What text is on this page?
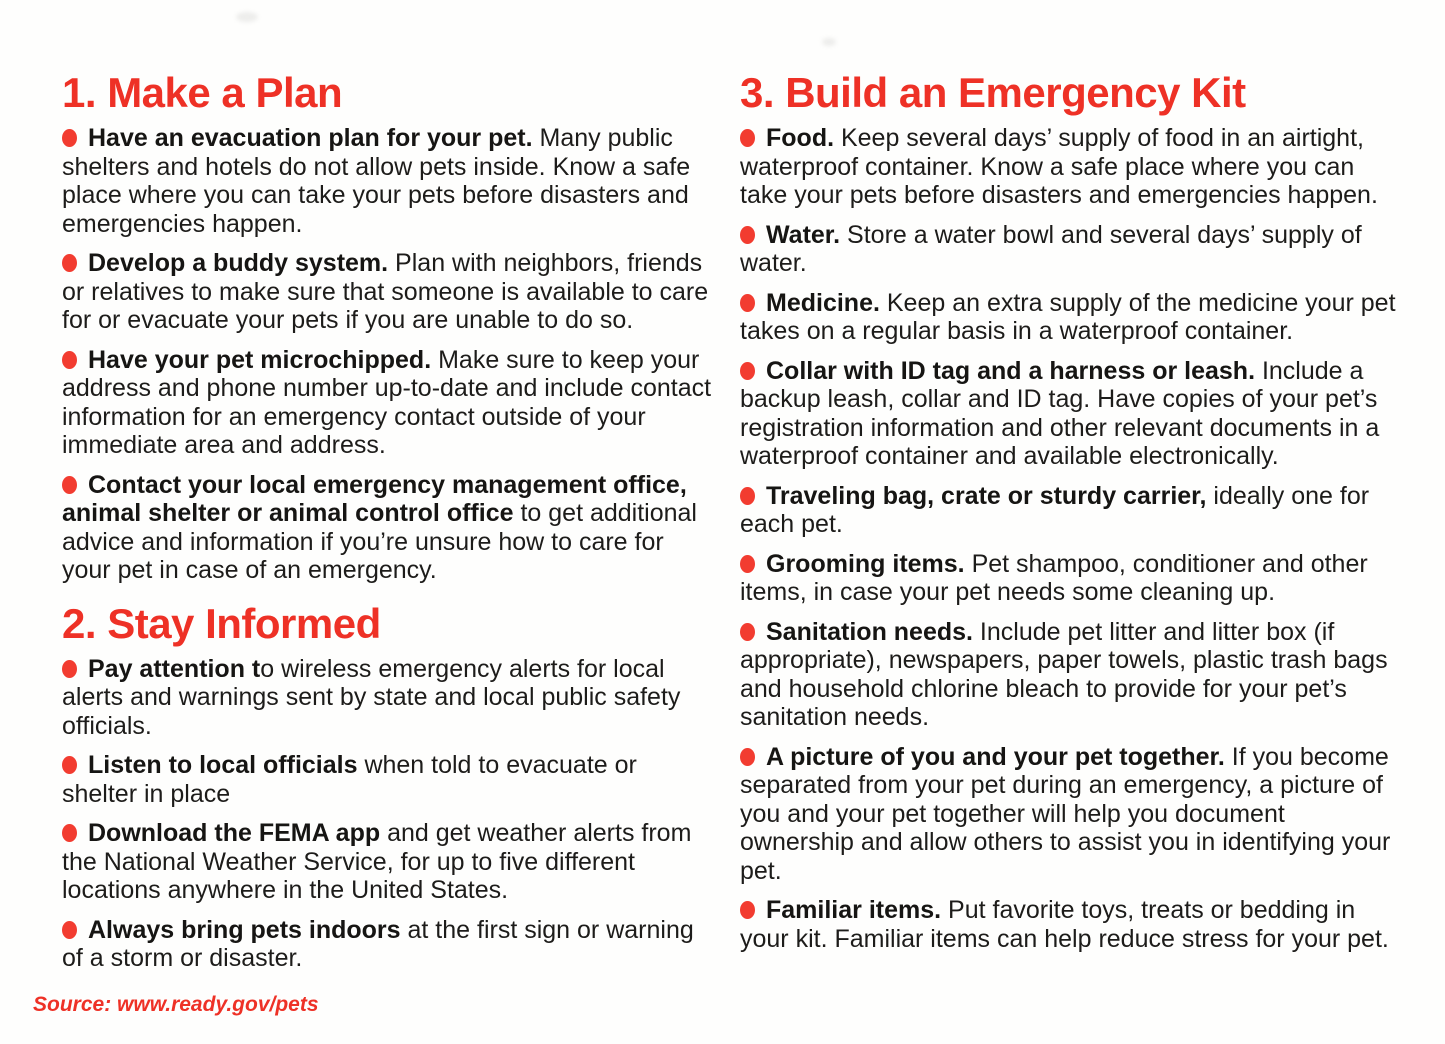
1. Make a Plan

Have an evacuation plan for your pet. Many public shelters and hotels do not allow pets inside. Know a safe place where you can take your pets before disasters and emergencies happen.

Develop a buddy system. Plan with neighbors, friends or relatives to make sure that someone is available to care for or evacuate your pets if you are unable to do so.

Have your pet microchipped. Make sure to keep your address and phone number up-to-date and include contact information for an emergency contact outside of your immediate area and address.

Contact your local emergency management office, animal shelter or animal control office to get additional advice and information if you’re unsure how to care for your pet in case of an emergency.

2. Stay Informed

Pay attention to wireless emergency alerts for local alerts and warnings sent by state and local public safety officials.

Listen to local officials when told to evacuate or shelter in place

Download the FEMA app and get weather alerts from the National Weather Service, for up to five different locations anywhere in the United States.

Always bring pets indoors at the first sign or warning of a storm or disaster.

3. Build an Emergency Kit

Food. Keep several days’ supply of food in an airtight, waterproof container. Know a safe place where you can take your pets before disasters and emergencies happen.

Water. Store a water bowl and several days’ supply of water.

Medicine. Keep an extra supply of the medicine your pet takes on a regular basis in a waterproof container.

Collar with ID tag and a harness or leash. Include a backup leash, collar and ID tag. Have copies of your pet’s registration information and other relevant documents in a waterproof container and available electronically.

Traveling bag, crate or sturdy carrier, ideally one for each pet.

Grooming items. Pet shampoo, conditioner and other items, in case your pet needs some cleaning up.

Sanitation needs. Include pet litter and litter box (if appropriate), newspapers, paper towels, plastic trash bags and household chlorine bleach to provide for your pet’s sanitation needs.

A picture of you and your pet together. If you become separated from your pet during an emergency, a picture of you and your pet together will help you document ownership and allow others to assist you in identifying your pet.

Familiar items. Put favorite toys, treats or bedding in your kit. Familiar items can help reduce stress for your pet.

Source: www.ready.gov/pets
